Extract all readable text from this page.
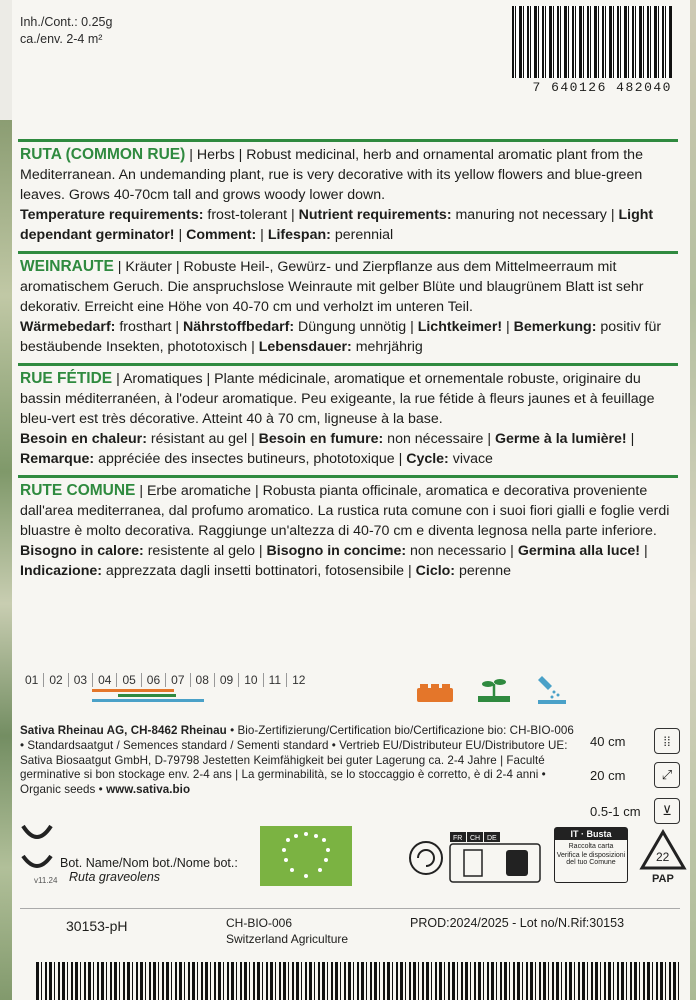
Inh./Cont.: 0.25g
ca./env. 2-4 m²
7 640126 482040

RUTA (COMMON RUE) | Herbs | Robust medicinal, herb and ornamental aromatic plant from the Mediterranean. An undemanding plant, rue is very decorative with its yellow flowers and blue-green leaves. Grows 40-70cm tall and grows woody lower down.

Temperature requirements: frost-tolerant | Nutrient requirements: manuring not necessary | Light dependant germinator! | Comment: | Lifespan: perennial

WEINRAUTE | Kräuter | Robuste Heil-, Gewürz- und Zierpflanze aus dem Mittelmeerraum mit aromatischem Geruch. Die anspruchslose Weinraute mit gelber Blüte und blaugrünem Blatt ist sehr dekorativ. Erreicht eine Höhe von 40-70 cm und verholzt im unteren Teil.

Wärmebedarf: frosthart | Nährstoffbedarf: Düngung unnötig | Lichtkeimer! | Bemerkung: positiv für bestäubende Insekten, phototoxisch | Lebensdauer: mehrjährig

RUE FÉTIDE | Aromatiques | Plante médicinale, aromatique et ornementale robuste, originaire du bassin méditerranéen, à l'odeur aromatique. Peu exigeante, la rue fétide à fleurs jaunes et à feuillage bleu-vert est très décorative. Atteint 40 à 70 cm, ligneuse à la base.

Besoin en chaleur: résistant au gel | Besoin en fumure: non nécessaire | Germe à la lumière! | Remarque: appréciée des insectes butineurs, phototoxique | Cycle: vivace

RUTE COMUNE | Erbe aromatiche | Robusta pianta officinale, aromatica e decorativa proveniente dall'area mediterranea, dal profumo aromatico. La rustica ruta comune con i suoi fiori gialli e foglie verdi bluastre è molto decorativa. Raggiunge un'altezza di 40-70 cm e diventa legnosa nella parte inferiore.

Bisogno in calore: resistente al gelo | Bisogno in concime: non necessario | Germina alla luce! | Indicazione: apprezzata dagli insetti bottinatori, fotosensibile | Ciclo: perenne

01 02 03 04 05 06 07 08 09 10 11 12
Sativa Rheinau AG, CH-8462 Rheinau • Bio-Zertifizierung/Certification bio/Certificazione bio: CH-BIO-006 • Standardsaatgut / Semences standard / Sementi standard • Vertrieb EU/Distributeur EU/Distributore UE: Sativa Biosaatgut GmbH, D-79798 Jestetten Keimfähigkeit bei guter Lagerung ca. 2-4 Jahre | Faculté germinative si bon stockage env. 2-4 ans | La germinabilità, se lo stoccaggio è corretto, è di 2-4 anni • Organic seeds • www.sativa.bio
40 cm	⁞⁞
20 cm	⤢
0.5-1 cm	⊻
Bot. Name/Nom bot./Nome bot.:
Ruta graveolens
v11.24
FR CH DE	IT · Busta
Raccolta carta
Verifica le disposizioni del tuo Comune	22
PAP
30153-pH	CH-BIO-006
Switzerland Agriculture
PROD:2024/2025 - Lot no/N.Rif:30153
